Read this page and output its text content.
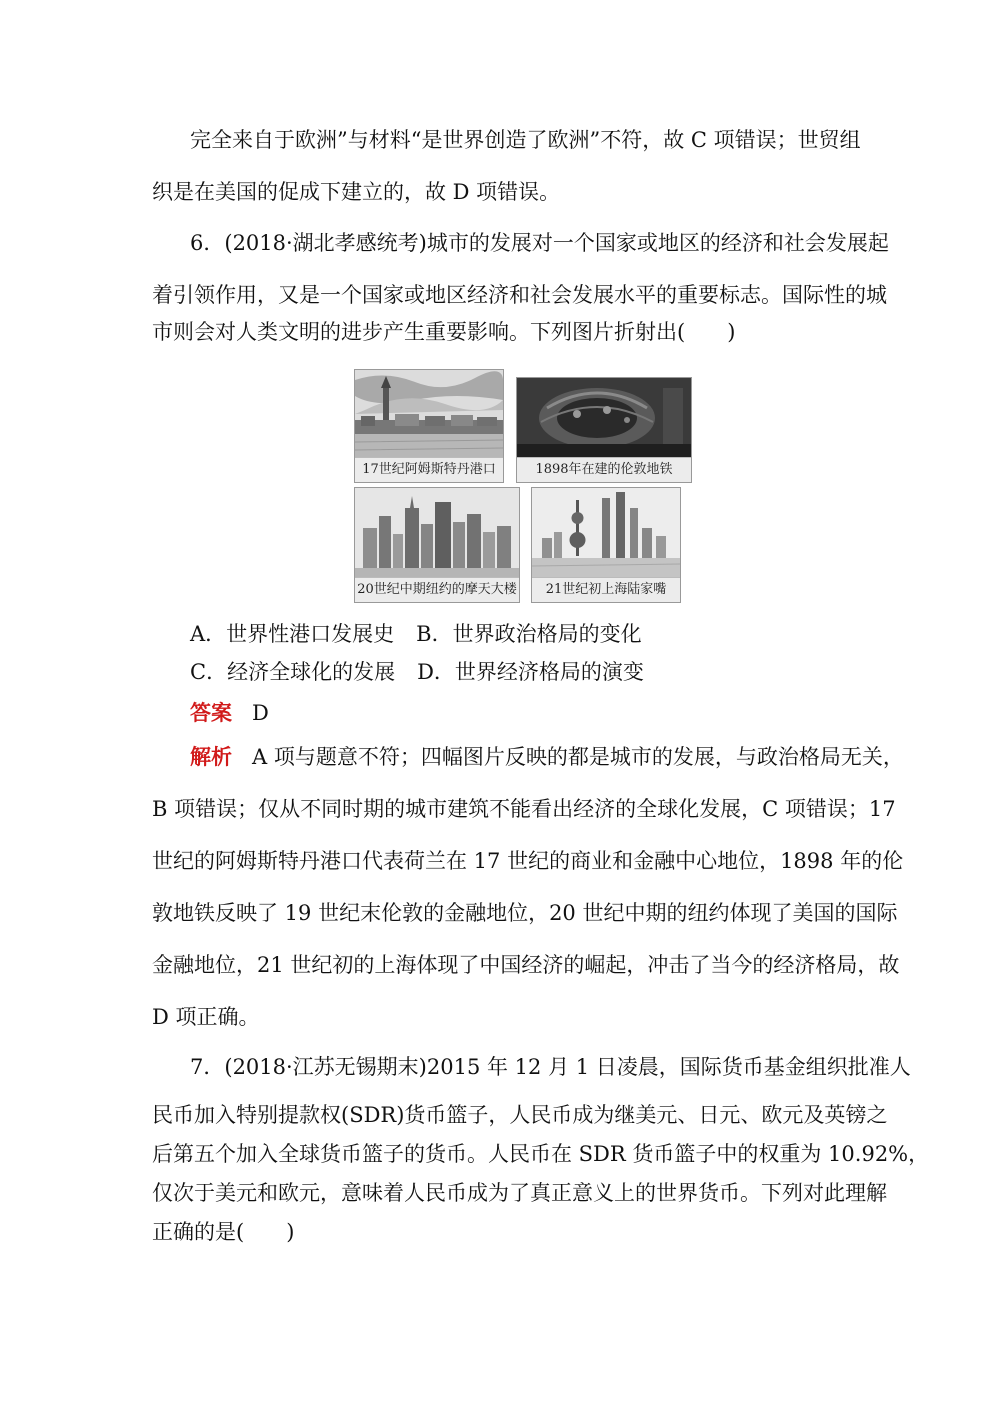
完全来自于欧洲”与材料“是世界创造了欧洲”不符，故 C 项错误；世贸组
织是在美国的促成下建立的，故 D 项错误。
6．(2018·湖北孝感统考)城市的发展对一个国家或地区的经济和社会发展起
着引领作用，又是一个国家或地区经济和社会发展水平的重要标志。国际性的城
市则会对人类文明的进步产生重要影响。下列图片折射出(　　)
17世纪阿姆斯特丹港口	1898年在建的伦敦地铁
20世纪中期纽约的摩天大楼	21世纪初上海陆家嘴
A．世界性港口发展史 B．世界政治格局的变化
C．经济全球化的发展 D．世界经济格局的演变
答案 D
解析 A 项与题意不符；四幅图片反映的都是城市的发展，与政治格局无关，
B 项错误；仅从不同时期的城市建筑不能看出经济的全球化发展，C 项错误；17
世纪的阿姆斯特丹港口代表荷兰在 17 世纪的商业和金融中心地位，1898 年的伦
敦地铁反映了 19 世纪末伦敦的金融地位，20 世纪中期的纽约体现了美国的国际
金融地位，21 世纪初的上海体现了中国经济的崛起，冲击了当今的经济格局，故
D 项正确。
7．(2018·江苏无锡期末)2015 年 12 月 1 日凌晨，国际货币基金组织批准人
民币加入特别提款权(SDR)货币篮子，人民币成为继美元、日元、欧元及英镑之
后第五个加入全球货币篮子的货币。人民币在 SDR 货币篮子中的权重为 10.92%，
仅次于美元和欧元，意味着人民币成为了真正意义上的世界货币。下列对此理解
正确的是(　　)
